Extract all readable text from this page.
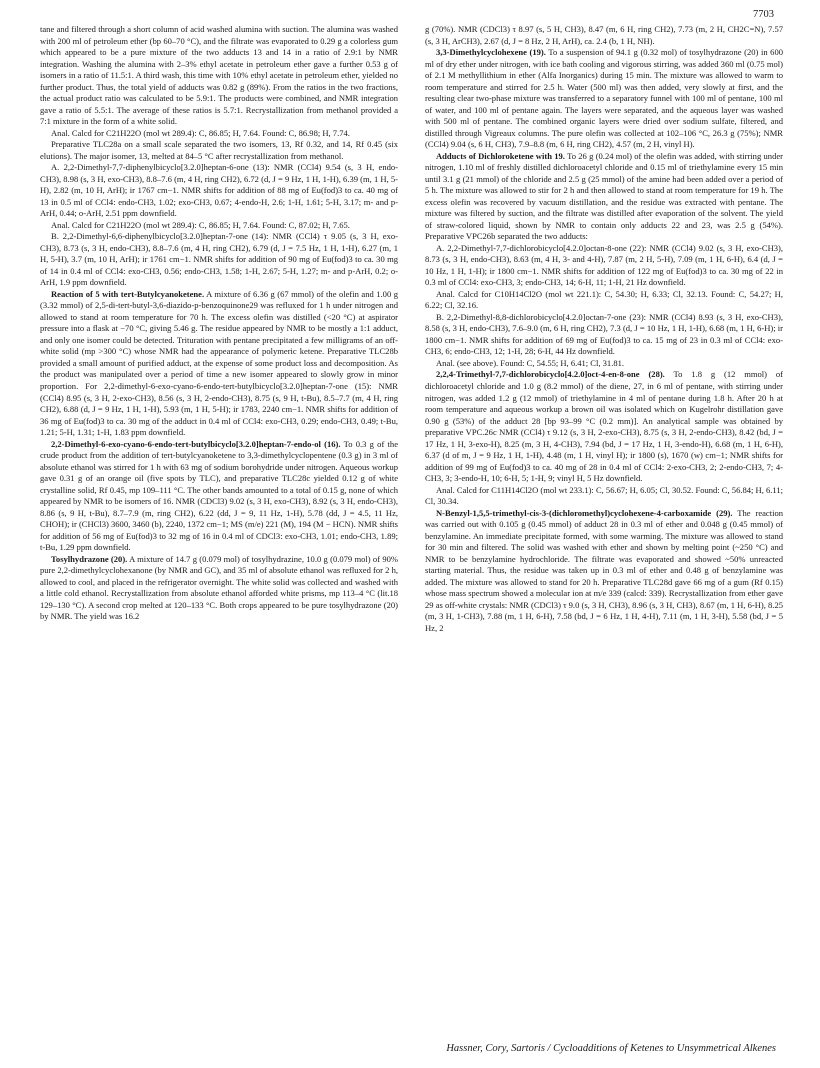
7703

tane and filtered through a short column of acid washed alumina with suction. The alumina was washed with 200 ml of petroleum ether (bp 60–70 °C), and the filtrate was evaporated to 0.29 g a colorless gum which appeared to be a pure mixture of the two adducts 13 and 14 in a ratio of 2.9:1 by NMR integration. Washing the alumina with 2–3% ethyl acetate in petroleum ether gave a further 0.53 g of isomers in a ratio of 11.5:1. A third wash, this time with 10% ethyl acetate in petroleum ether, yielded no further product. Thus, the total yield of adducts was 0.82 g (89%). From the ratios in the two fractions, the actual product ratio was calculated to be 5.9:1. The products were combined, and NMR integration gave a ratio of 5.5:1. The average of these ratios is 5.7:1. Recrystallization from methanol provided a 7:1 mixture in the form of a white solid.

Anal. Calcd for C21H22O (mol wt 289.4): C, 86.85; H, 7.64. Found: C, 86.98; H, 7.74.

Preparative TLC28a on a small scale separated the two isomers, 13, Rf 0.32, and 14, Rf 0.45 (six elutions). The major isomer, 13, melted at 84–5 °C after recrystallization from methanol.

A. 2,2-Dimethyl-7,7-diphenylbicyclo[3.2.0]heptan-6-one (13): NMR (CCl4) 9.54 (s, 3 H, endo-CH3), 8.98 (s, 3 H, exo-CH3), 8.8–7.6 (m, 4 H, ring CH2), 6.72 (d, J = 9 Hz, 1 H, 1-H), 6.39 (m, 1 H, 5-H), 2.82 (m, 10 H, ArH); ir 1767 cm−1. NMR shifts for addition of 88 mg of Eu(fod)3 to ca. 40 mg of 13 in 0.5 ml of CCl4: endo-CH3, 1.02; exo-CH3, 0.67; 4-endo-H, 2.6; 1-H, 1.61; 5-H, 3.17; m- and p-ArH, 0.44; o-ArH, 2.51 ppm downfield.

Anal. Calcd for C21H22O (mol wt 289.4): C, 86.85; H, 7.64. Found: C, 87.02; H, 7.65.

B. 2,2-Dimethyl-6,6-diphenylbicyclo[3.2.0]heptan-7-one (14): NMR (CCl4) τ 9.05 (s, 3 H, exo-CH3), 8.73 (s, 3 H, endo-CH3), 8.8–7.6 (m, 4 H, ring CH2), 6.79 (d, J = 7.5 Hz, 1 H, 1-H), 6.27 (m, 1 H, 5-H), 3.7 (m, 10 H, ArH); ir 1761 cm−1. NMR shifts for addition of 90 mg of Eu(fod)3 to ca. 30 mg of 14 in 0.4 ml of CCl4: exo-CH3, 0.56; endo-CH3, 1.58; 1-H, 2.67; 5-H, 1.27; m- and p-ArH, 0.2; o-ArH, 1.9 ppm downfield.

Reaction of 5 with tert-Butylcyanoketene. A mixture of 6.36 g (67 mmol) of the olefin and 1.00 g (3.32 mmol) of 2,5-di-tert-butyl-3,6-diazido-p-benzoquinone29 was refluxed for 1 h under nitrogen and allowed to stand at room temperature for 70 h. The excess olefin was distilled (<20 °C) at aspirator pressure into a flask at −70 °C, giving 5.46 g. The residue appeared by NMR to be mostly a 1:1 adduct, and only one isomer could be detected. Trituration with pentane precipitated a few milligrams of an off-white solid (mp >300 °C) whose NMR had the appearance of polymeric ketene. Preparative TLC28b provided a small amount of purified adduct, at the expense of some product loss and decomposition. As the product was manipulated over a period of time a new isomer appeared to slowly grow in minor proportion. For 2,2-dimethyl-6-exo-cyano-6-endo-tert-butylbicyclo[3.2.0]heptan-7-one (15): NMR (CCl4) 8.95 (s, 3 H, 2-exo-CH3), 8.56 (s, 3 H, 2-endo-CH3), 8.75 (s, 9 H, t-Bu), 8.5–7.7 (m, 4 H, ring CH2), 6.88 (d, J = 9 Hz, 1 H, 1-H), 5.93 (m, 1 H, 5-H); ir 1783, 2240 cm−1. NMR shifts for addition of 36 mg of Eu(fod)3 to ca. 30 mg of the adduct in 0.4 ml of CCl4: exo-CH3, 0.29; endo-CH3, 0.49; t-Bu, 1.21; 5-H, 1.31; 1-H, 1.83 ppm downfield.

2,2-Dimethyl-6-exo-cyano-6-endo-tert-butylbicyclo[3.2.0]heptan-7-endo-ol (16). To 0.3 g of the crude product from the addition of tert-butylcyanoketene to 3,3-dimethylcyclopentene (0.3 g) in 3 ml of absolute ethanol was stirred for 1 h with 63 mg of sodium borohydride under nitrogen. Aqueous workup gave 0.31 g of an orange oil (five spots by TLC), and preparative TLC28c yielded 0.12 g of white crystalline solid, Rf 0.45, mp 109–111 °C. The other bands amounted to a total of 0.15 g, none of which appeared by NMR to be isomers of 16. NMR (CDCl3) 9.02 (s, 3 H, exo-CH3), 8.92 (s, 3 H, endo-CH3), 8.86 (s, 9 H, t-Bu), 8.7–7.9 (m, ring CH2), 6.22 (dd, J = 9, 11 Hz, 1-H), 5.78 (dd, J = 4.5, 11 Hz, CHOH); ir (CHCl3) 3600, 3460 (b), 2240, 1372 cm−1; MS (m/e) 221 (M), 194 (M − HCN). NMR shifts for addition of 56 mg of Eu(fod)3 to 32 mg of 16 in 0.4 ml of CDCl3: exo-CH3, 1.01; endo-CH3, 1.89; t-Bu, 1.29 ppm downfield.

Tosylhydrazone (20). A mixture of 14.7 g (0.079 mol) of tosylhydrazine, 10.0 g (0.079 mol) of 90% pure 2,2-dimethylcyclohexanone (by NMR and GC), and 35 ml of absolute ethanol was refluxed for 2 h, allowed to cool, and placed in the refrigerator overnight. The white solid was collected and washed with a little cold ethanol. Recrystallization from absolute ethanol afforded white prisms, mp 113–4 °C (lit.18 129–130 °C). A second crop melted at 120–133 °C. Both crops appeared to be pure tosylhydrazone (20) by NMR. The yield was 16.2

g (70%). NMR (CDCl3) τ 8.97 (s, 5 H, CH3), 8.47 (m, 6 H, ring CH2), 7.73 (m, 2 H, CH2C=N), 7.57 (s, 3 H, ArCH3), 2.67 (d, J = 8 Hz, 2 H, ArH), ca. 2.4 (b, 1 H, NH).

3,3-Dimethylcyclohexene (19). To a suspension of 94.1 g (0.32 mol) of tosylhydrazone (20) in 600 ml of dry ether under nitrogen, with ice bath cooling and vigorous stirring, was added 360 ml (0.75 mol) of 2.1 M methyllithium in ether (Alfa Inorganics) during 15 min. The mixture was allowed to warm to room temperature and stirred for 2.5 h. Water (500 ml) was then added, very slowly at first, and the resulting clear two-phase mixture was transferred to a separatory funnel with 100 ml of pentane, 100 ml of water, and 100 ml of pentane again. The layers were separated, and the aqueous layer was washed with 500 ml of pentane. The combined organic layers were dried over sodium sulfate, filtered, and distilled through Vigreaux columns. The pure olefin was collected at 102–106 °C, 26.3 g (75%); NMR (CCl4) 9.04 (s, 6 H, CH3), 7.9–8.8 (m, 6 H, ring CH2), 4.57 (m, 2 H, vinyl H).

Adducts of Dichloroketene with 19. To 26 g (0.24 mol) of the olefin was added, with stirring under nitrogen, 1.10 ml of freshly distilled dichloroacetyl chloride and 0.15 ml of triethylamine every 15 min until 3.1 g (21 mmol) of the chloride and 2.5 g (25 mmol) of the amine had been added over a period of 5 h. The mixture was allowed to stir for 2 h and then allowed to stand at room temperature for 19 h. The excess olefin was recovered by vacuum distillation, and the residue was extracted with pentane. The mixture was filtered by suction, and the filtrate was distilled after evaporation of the solvent. The yield of straw-colored liquid, shown by NMR to contain only adducts 22 and 23, was 2.5 g (54%). Preparative VPC26b separated the two adducts:

A. 2,2-Dimethyl-7,7-dichlorobicyclo[4.2.0]octan-8-one (22): NMR (CCl4) 9.02 (s, 3 H, exo-CH3), 8.73 (s, 3 H, endo-CH3), 8.63 (m, 4 H, 3- and 4-H), 7.87 (m, 2 H, 5-H), 7.09 (m, 1 H, 6-H), 6.4 (d, J = 10 Hz, 1 H, 1-H); ir 1800 cm−1. NMR shifts for addition of 122 mg of Eu(fod)3 to ca. 30 mg of 22 in 0.3 ml of CCl4: exo-CH3, 3; endo-CH3, 14; 6-H, 11; 1-H, 21 Hz downfield.

Anal. Calcd for C10H14Cl2O (mol wt 221.1): C, 54.30; H, 6.33; Cl, 32.13. Found: C, 54.27; H, 6.22; Cl, 32.16.

B. 2,2-Dimethyl-8,8-dichlorobicyclo[4.2.0]octan-7-one (23): NMR (CCl4) 8.93 (s, 3 H, exo-CH3), 8.58 (s, 3 H, endo-CH3), 7.6–9.0 (m, 6 H, ring CH2), 7.3 (d, J = 10 Hz, 1 H, 1-H), 6.68 (m, 1 H, 6-H); ir 1800 cm−1. NMR shifts for addition of 69 mg of Eu(fod)3 to ca. 15 mg of 23 in 0.3 ml of CCl4: exo-CH3, 6; endo-CH3, 12; 1-H, 28; 6-H, 44 Hz downfield.

Anal. (see above). Found: C, 54.55; H, 6.41; Cl, 31.81.

2,2,4-Trimethyl-7,7-dichlorobicyclo[4.2.0]oct-4-en-8-one (28). To 1.8 g (12 mmol) of dichloroacetyl chloride and 1.0 g (8.2 mmol) of the diene, 27, in 6 ml of pentane, with stirring under nitrogen, was added 1.2 g (12 mmol) of triethylamine in 4 ml of pentane during 1.8 h. After 20 h at room temperature and aqueous workup a brown oil was isolated which on Kugelrohr distillation gave 0.90 g (53%) of the adduct 28 [bp 93–99 °C (0.2 mm)]. An analytical sample was obtained by preparative VPC.26c NMR (CCl4) τ 9.12 (s, 3 H, 2-exo-CH3), 8.75 (s, 3 H, 2-endo-CH3), 8.42 (bd, J = 17 Hz, 1 H, 3-exo-H), 8.25 (m, 3 H, 4-CH3), 7.94 (bd, J = 17 Hz, 1 H, 3-endo-H), 6.68 (m, 1 H, 6-H), 6.37 (d of m, J = 9 Hz, 1 H, 1-H), 4.48 (m, 1 H, vinyl H); ir 1800 (s), 1670 (w) cm−1; NMR shifts for addition of 99 mg of Eu(fod)3 to ca. 40 mg of 28 in 0.4 ml of CCl4: 2-exo-CH3, 2; 2-endo-CH3, 7; 4-CH3, 3; 3-endo-H, 10; 6-H, 5; 1-H, 9; vinyl H, 5 Hz downfield.

Anal. Calcd for C11H14Cl2O (mol wt 233.1): C, 56.67; H, 6.05; Cl, 30.52. Found: C, 56.84; H, 6.11; Cl, 30.34.

N-Benzyl-1,5,5-trimethyl-cis-3-(dichloromethyl)cyclohexene-4-carboxamide (29). The reaction was carried out with 0.105 g (0.45 mmol) of adduct 28 in 0.3 ml of ether and 0.048 g (0.45 mmol) of benzylamine. An immediate precipitate formed, with some warming. The mixture was allowed to stand for 30 min and filtered. The solid was washed with ether and shown by melting point (~250 °C) and NMR to be benzylamine hydrochloride. The filtrate was evaporated and showed ~50% unreacted starting material. Thus, the residue was taken up in 0.3 ml of ether and 0.48 g of benzylamine was added. The mixture was allowed to stand for 20 h. Preparative TLC28d gave 66 mg of a gum (Rf 0.15) whose mass spectrum showed a molecular ion at m/e 339 (calcd: 339). Recrystallization from ether gave 29 as off-white crystals: NMR (CDCl3) τ 9.0 (s, 3 H, CH3), 8.96 (s, 3 H, CH3), 8.67 (m, 1 H, 6-H), 8.25 (m, 3 H, 1-CH3), 7.88 (m, 1 H, 6-H), 7.58 (bd, J = 6 Hz, 1 H, 4-H), 7.11 (m, 1 H, 3-H), 5.58 (bd, J = 5 Hz, 2

Hassner, Cory, Sartoris / Cycloadditions of Ketenes to Unsymmetrical Alkenes
